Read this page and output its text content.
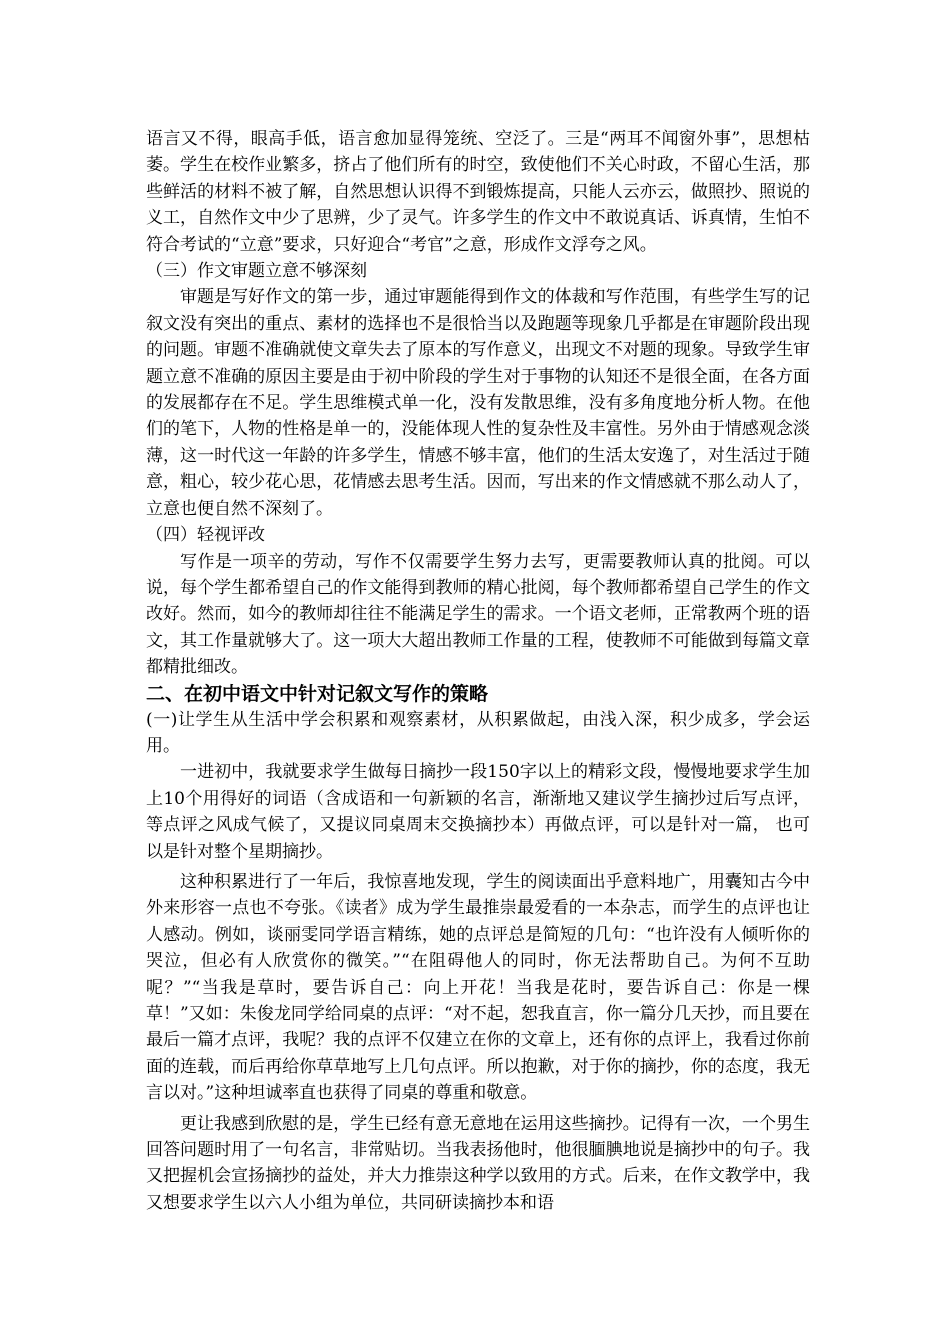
语言又不得，眼高手低，语言愈加显得笼统、空泛了。三是“两耳不闻窗外事”，思想枯萎。学生在校作业繁多，挤占了他们所有的时空，致使他们不关心时政，不留心生活，那些鲜活的材料不被了解，自然思想认识得不到锻炼提高，只能人云亦云，做照抄、照说的义工，自然作文中少了思辨，少了灵气。许多学生的作文中不敢说真话、诉真情，生怕不符合考试的“立意”要求，只好迎合“考官”之意，形成作文浮夸之风。

（三）作文审题立意不够深刻

审题是写好作文的第一步，通过审题能得到作文的体裁和写作范围，有些学生写的记叙文没有突出的重点、素材的选择也不是很恰当以及跑题等现象几乎都是在审题阶段出现的问题。审题不准确就使文章失去了原本的写作意义，出现文不对题的现象。导致学生审题立意不准确的原因主要是由于初中阶段的学生对于事物的认知还不是很全面，在各方面的发展都存在不足。学生思维模式单一化，没有发散思维，没有多角度地分析人物。在他们的笔下，人物的性格是单一的，没能体现人性的复杂性及丰富性。另外由于情感观念淡薄，这一时代这一年龄的许多学生，情感不够丰富，他们的生活太安逸了，对生活过于随意，粗心，较少花心思，花情感去思考生活。因而，写出来的作文情感就不那么动人了，立意也便自然不深刻了。

（四）轻视评改

写作是一项辛的劳动，写作不仅需要学生努力去写，更需要教师认真的批阅。可以说，每个学生都希望自己的作文能得到教师的精心批阅，每个教师都希望自己学生的作文改好。然而，如今的教师却往往不能满足学生的需求。一个语文老师，正常教两个班的语文，其工作量就够大了。这一项大大超出教师工作量的工程，使教师不可能做到每篇文章都精批细改。

二、在初中语文中针对记叙文写作的策略

(一)让学生从生活中学会积累和观察素材，从积累做起，由浅入深，积少成多，学会运用。

一进初中，我就要求学生做每日摘抄一段150字以上的精彩文段，慢慢地要求学生加上10个用得好的词语（含成语和一句新颖的名言，渐渐地又建议学生摘抄过后写点评，等点评之风成气候了，又提议同桌周末交换摘抄本）再做点评，可以是针对一篇， 也可以是针对整个星期摘抄。

这种积累进行了一年后，我惊喜地发现，学生的阅读面出乎意料地广，用囊知古今中外来形容一点也不夸张。《读者》成为学生最推崇最爱看的一本杂志，而学生的点评也让人感动。例如，谈丽雯同学语言精练，她的点评总是简短的几句：“也许没有人倾听你的哭泣，但必有人欣赏你的微笑。”“在阻碍他人的同时，你无法帮助自己。为何不互助呢？”“当我是草时，要告诉自己：向上开花！当我是花时，要告诉自己：你是一棵草！”又如：朱俊龙同学给同桌的点评：“对不起，恕我直言，你一篇分几天抄，而且要在最后一篇才点评，我呢？我的点评不仅建立在你的文章上，还有你的点评上，我看过你前面的连载，而后再给你草草地写上几句点评。所以抱歉，对于你的摘抄，你的态度，我无言以对。”这种坦诚率直也获得了同桌的尊重和敬意。

更让我感到欣慰的是，学生已经有意无意地在运用这些摘抄。记得有一次，一个男生回答问题时用了一句名言，非常贴切。当我表扬他时，他很腼腆地说是摘抄中的句子。我又把握机会宣扬摘抄的益处，并大力推崇这种学以致用的方式。后来，在作文教学中，我又想要求学生以六人小组为单位，共同研读摘抄本和语
